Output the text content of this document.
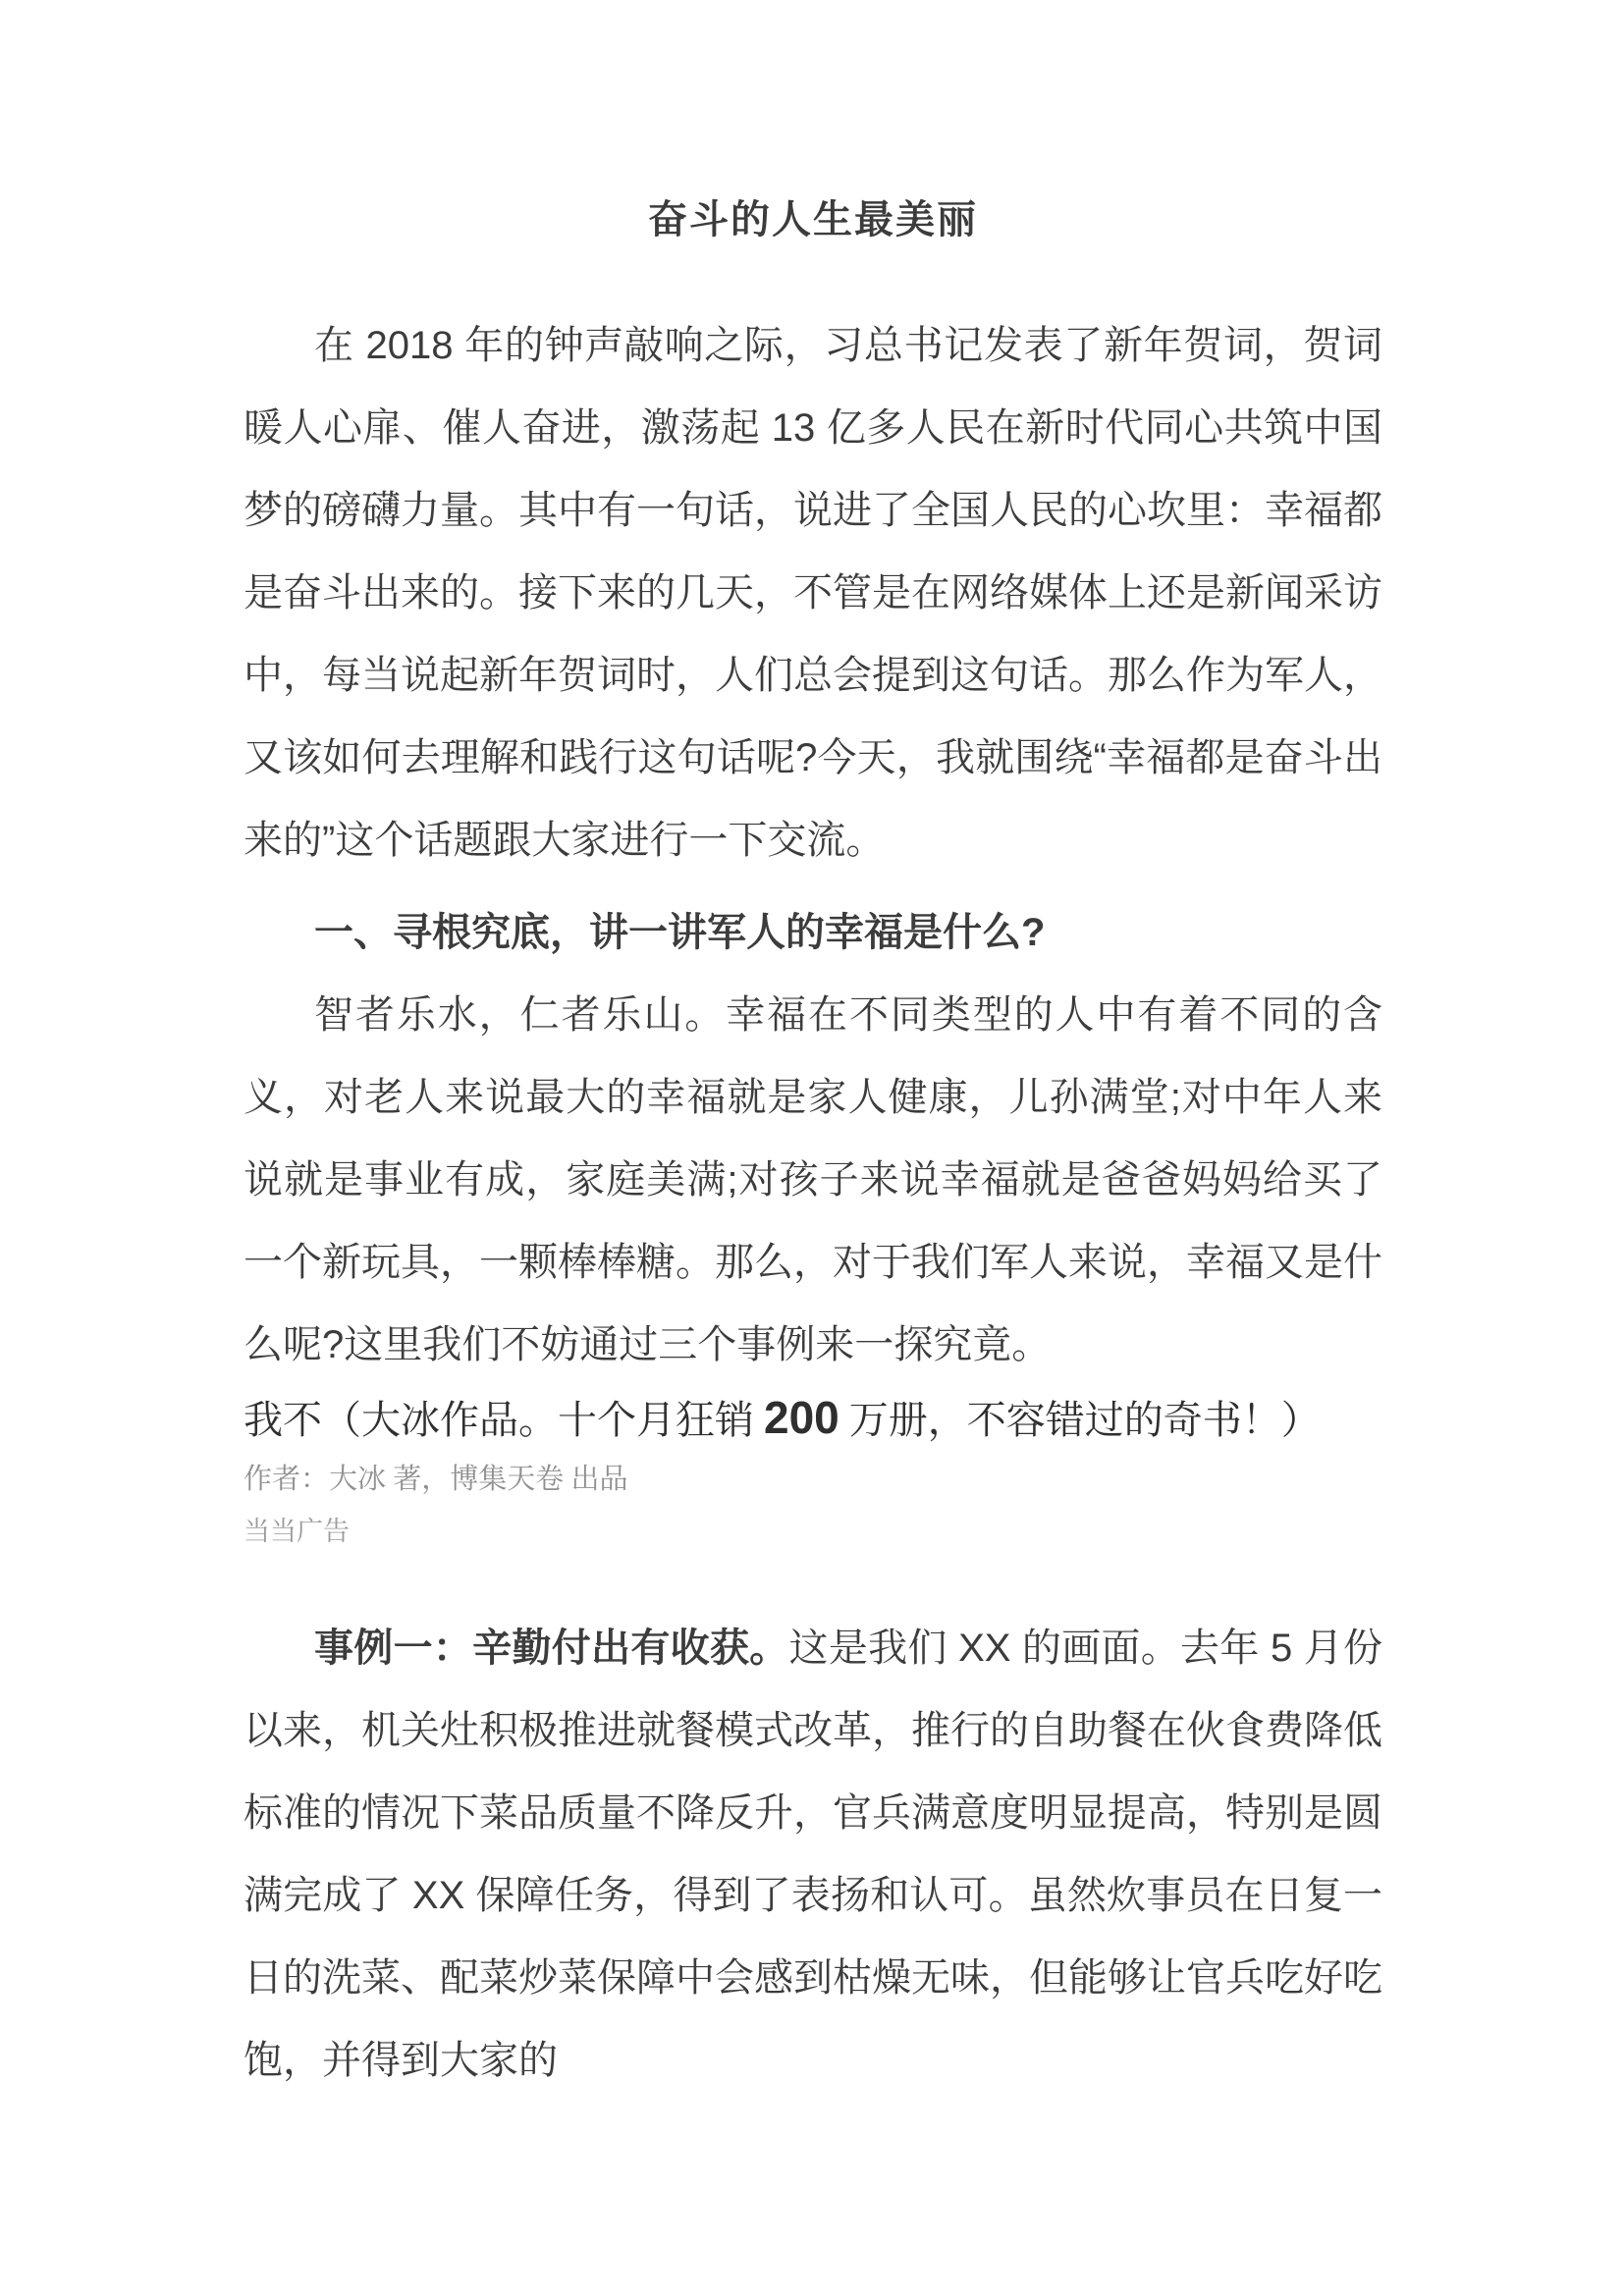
奋斗的人生最美丽

在 2018 年的钟声敲响之际，习总书记发表了新年贺词，贺词暖人心扉、催人奋进，激荡起 13 亿多人民在新时代同心共筑中国梦的磅礴力量。其中有一句话，说进了全国人民的心坎里：幸福都是奋斗出来的。接下来的几天，不管是在网络媒体上还是新闻采访中，每当说起新年贺词时，人们总会提到这句话。那么作为军人，又该如何去理解和践行这句话呢?今天，我就围绕“幸福都是奋斗出来的”这个话题跟大家进行一下交流。

一、寻根究底，讲一讲军人的幸福是什么?

智者乐水，仁者乐山。幸福在不同类型的人中有着不同的含义，对老人来说最大的幸福就是家人健康，儿孙满堂;对中年人来说就是事业有成，家庭美满;对孩子来说幸福就是爸爸妈妈给买了一个新玩具，一颗棒棒糖。那么，对于我们军人来说，幸福又是什么呢?这里我们不妨通过三个事例来一探究竟。

我不（大冰作品。十个月狂销 200 万册，不容错过的奇书！）

作者：大冰 著，博集天卷 出品

当当广告

事例一：辛勤付出有收获。这是我们 XX 的画面。去年 5 月份以来，机关灶积极推进就餐模式改革，推行的自助餐在伙食费降低标准的情况下菜品质量不降反升，官兵满意度明显提高，特别是圆满完成了 XX 保障任务，得到了表扬和认可。虽然炊事员在日复一日的洗菜、配菜炒菜保障中会感到枯燥无味，但能够让官兵吃好吃饱，并得到大家的
